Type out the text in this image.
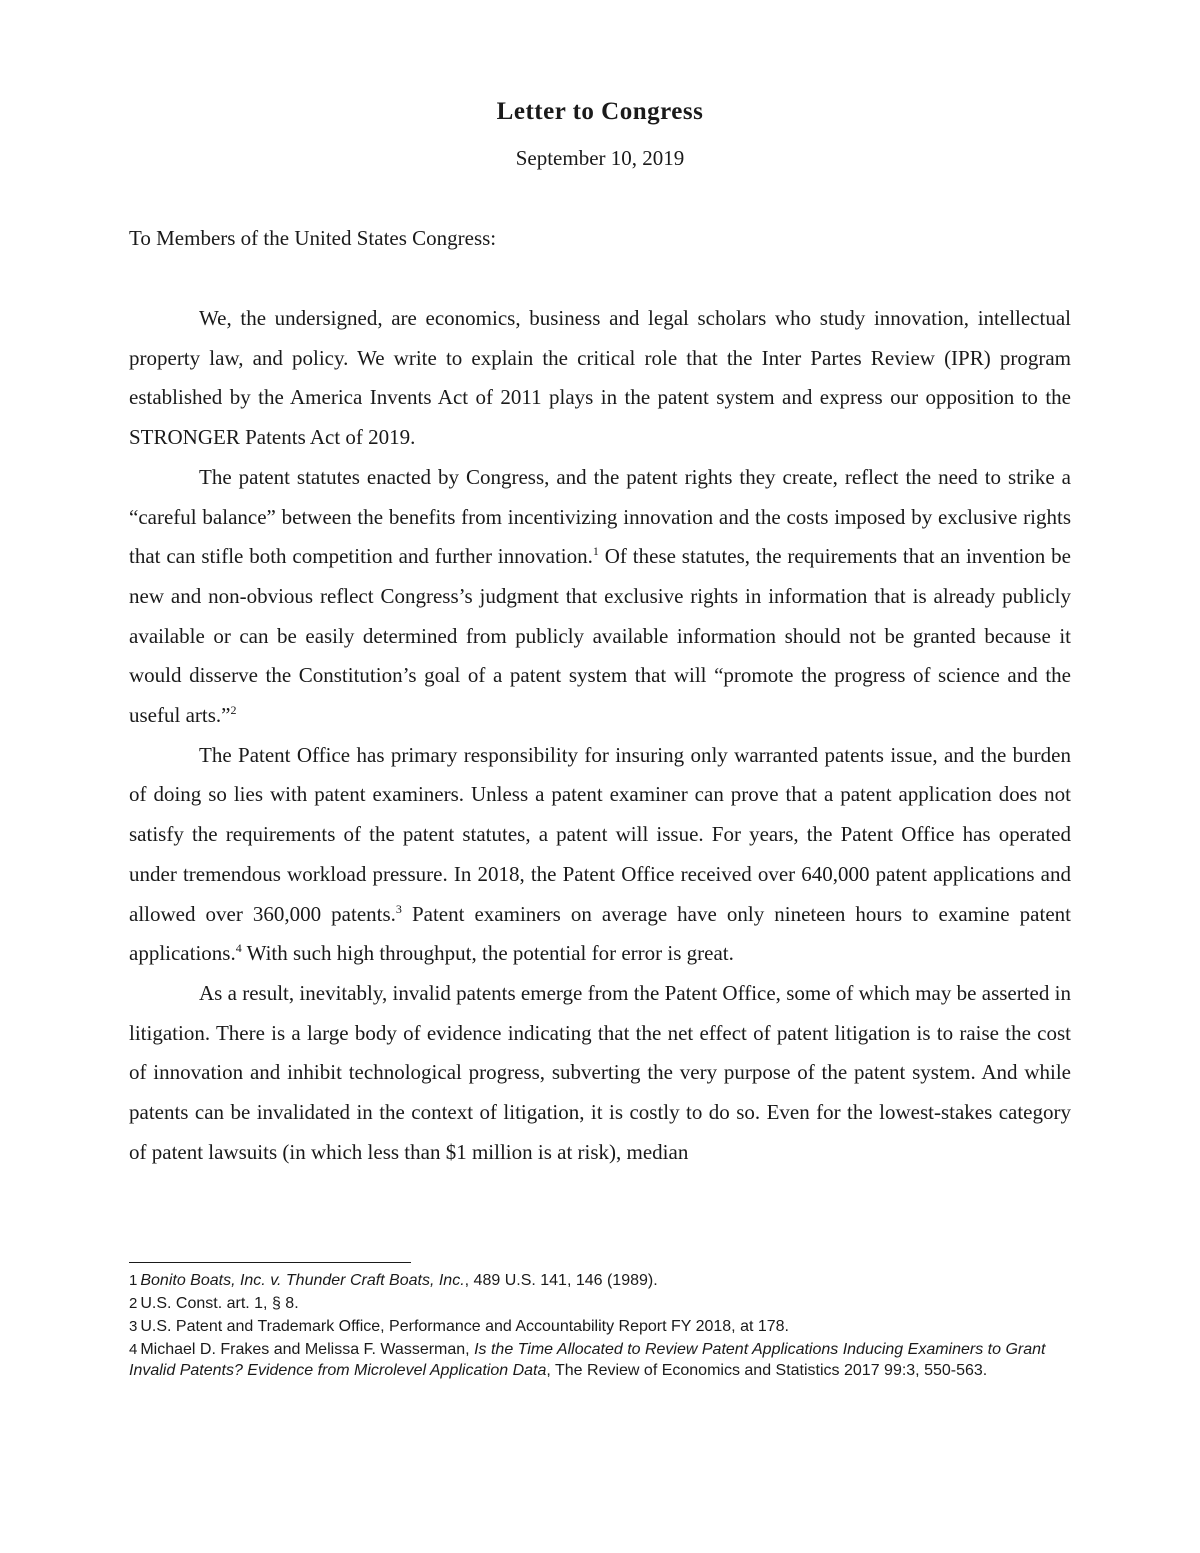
Letter to Congress
September 10, 2019
To Members of the United States Congress:

We, the undersigned, are economics, business and legal scholars who study innovation, intellectual property law, and policy. We write to explain the critical role that the Inter Partes Review (IPR) program established by the America Invents Act of 2011 plays in the patent system and express our opposition to the STRONGER Patents Act of 2019.

The patent statutes enacted by Congress, and the patent rights they create, reflect the need to strike a “careful balance” between the benefits from incentivizing innovation and the costs imposed by exclusive rights that can stifle both competition and further innovation.$^1$ Of these statutes, the requirements that an invention be new and non-obvious reflect Congress’s judgment that exclusive rights in information that is already publicly available or can be easily determined from publicly available information should not be granted because it would disserve the Constitution’s goal of a patent system that will “promote the progress of science and the useful arts.”$^2$

The Patent Office has primary responsibility for insuring only warranted patents issue, and the burden of doing so lies with patent examiners. Unless a patent examiner can prove that a patent application does not satisfy the requirements of the patent statutes, a patent will issue. For years, the Patent Office has operated under tremendous workload pressure. In 2018, the Patent Office received over 640,000 patent applications and allowed over 360,000 patents.$^3$ Patent examiners on average have only nineteen hours to examine patent applications.$^4$ With such high throughput, the potential for error is great.

As a result, inevitably, invalid patents emerge from the Patent Office, some of which may be asserted in litigation. There is a large body of evidence indicating that the net effect of patent litigation is to raise the cost of innovation and inhibit technological progress, subverting the very purpose of the patent system. And while patents can be invalidated in the context of litigation, it is costly to do so. Even for the lowest-stakes category of patent lawsuits (in which less than $1 million is at risk), median

1 Bonito Boats, Inc. v. Thunder Craft Boats, Inc., 489 U.S. 141, 146 (1989).
2 U.S. Const. art. 1, § 8.
3 U.S. Patent and Trademark Office, Performance and Accountability Report FY 2018, at 178.
4 Michael D. Frakes and Melissa F. Wasserman, Is the Time Allocated to Review Patent Applications Inducing Examiners to Grant Invalid Patents? Evidence from Microlevel Application Data, The Review of Economics and Statistics 2017 99:3, 550-563.
